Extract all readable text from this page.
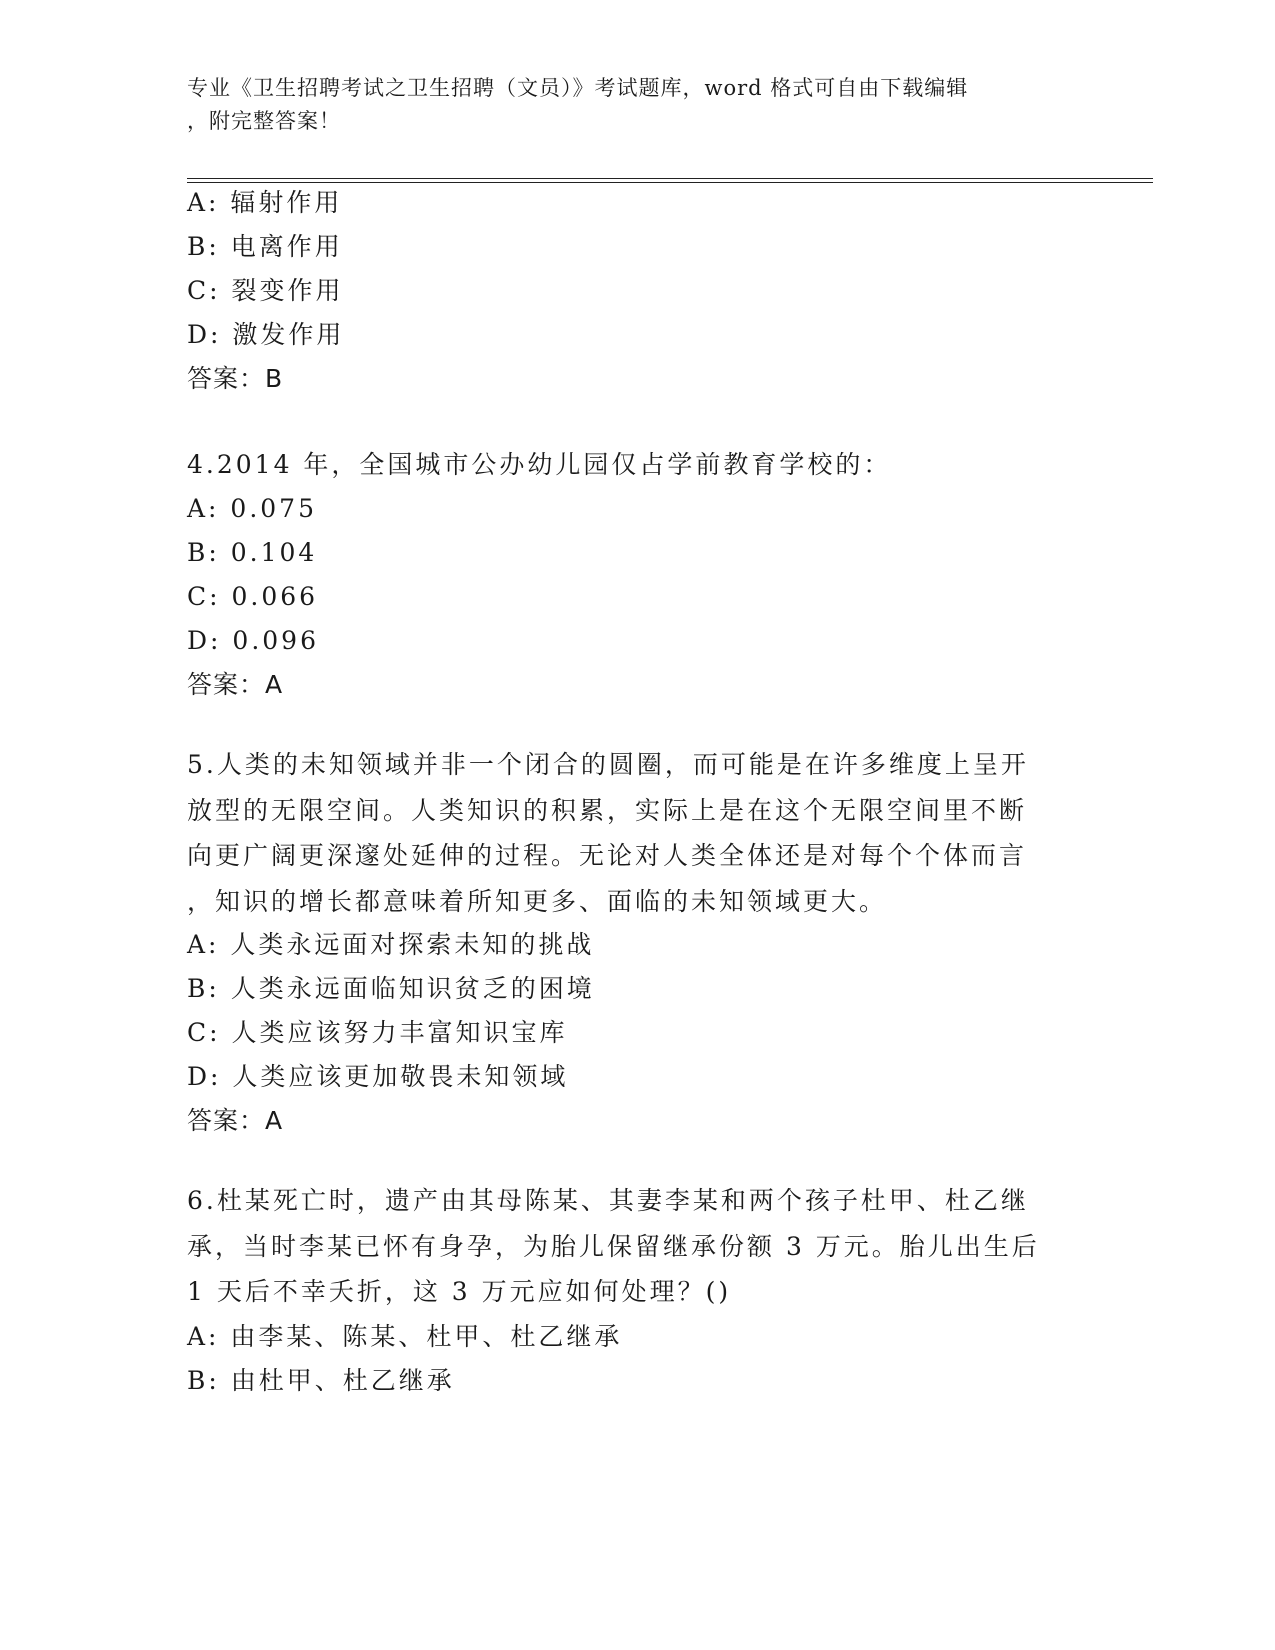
专业《卫生招聘考试之卫生招聘（文员）》考试题库，word 格式可自由下载编辑
，附完整答案！
A: 辐射作用
B: 电离作用
C: 裂变作用
D: 激发作用
答案：B
4.2014 年，全国城市公办幼儿园仅占学前教育学校的：
A: 0.075
B: 0.104
C: 0.066
D: 0.096
答案：A
5.人类的未知领域并非一个闭合的圆圈，而可能是在许多维度上呈开
放型的无限空间。人类知识的积累，实际上是在这个无限空间里不断
向更广阔更深邃处延伸的过程。无论对人类全体还是对每个个体而言
，知识的增长都意味着所知更多、面临的未知领域更大。
A: 人类永远面对探索未知的挑战
B: 人类永远面临知识贫乏的困境
C: 人类应该努力丰富知识宝库
D: 人类应该更加敬畏未知领域
答案：A
6.杜某死亡时，遗产由其母陈某、其妻李某和两个孩子杜甲、杜乙继
承，当时李某已怀有身孕，为胎儿保留继承份额 3 万元。胎儿出生后
1 天后不幸夭折，这 3 万元应如何处理？()
A: 由李某、陈某、杜甲、杜乙继承
B: 由杜甲、杜乙继承
